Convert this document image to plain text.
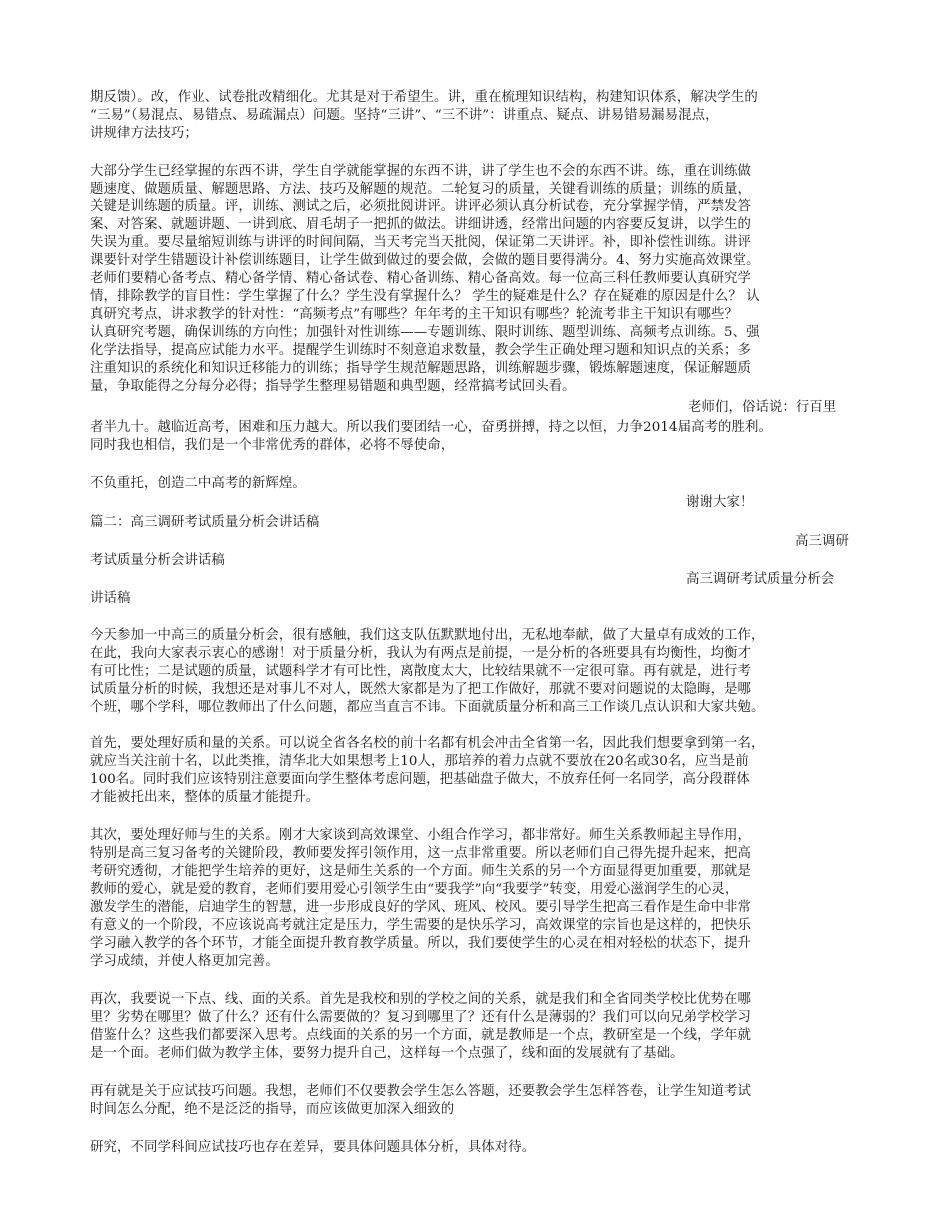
期反馈）。改，作业、试卷批改精细化。尤其是对于希望生。讲，重在梳理知识结构，构建知识体系，解决学生的
“三易”（易混点、易错点、易疏漏点）问题。坚持“三讲”、“三不讲”：讲重点、疑点、讲易错易漏易混点，
讲规律方法技巧；
大部分学生已经掌握的东西不讲，学生自学就能掌握的东西不讲，讲了学生也不会的东西不讲。练，重在训练做
题速度、做题质量、解题思路、方法、技巧及解题的规范。二轮复习的质量，关键看训练的质量；训练的质量，
关键是训练题的质量。评，训练、测试之后，必须批阅讲评。讲评必须认真分析试卷，充分掌握学情，严禁发答
案、对答案、就题讲题、一讲到底、眉毛胡子一把抓的做法。讲细讲透，经常出问题的内容要反复讲，以学生的
失误为重。要尽量缩短训练与讲评的时间间隔，当天考完当天批阅，保证第二天讲评。补，即补偿性训练。讲评
课要针对学生错题设计补偿训练题目，让学生做到做过的要会做，会做的题目要得满分。4、努力实施高效课堂。
老师们要精心备考点、精心备学情、精心备试卷、精心备训练、精心备高效。每一位高三科任教师要认真研究学
情，排除教学的盲目性：学生掌握了什么？学生没有掌握什么？ 学生的疑难是什么？存在疑难的原因是什么？ 认
真研究考点，讲求教学的针对性：“高频考点”有哪些？年年考的主干知识有哪些？轮流考非主干知识有哪些？
认真研究考题，确保训练的方向性；加强针对性训练——专题训练、限时训练、题型训练、高频考点训练。5、强
化学法指导，提高应试能力水平。提醒学生训练时不刻意追求数量，教会学生正确处理习题和知识点的关系；多
注重知识的系统化和知识迁移能力的训练；指导学生规范解题思路，训练解题步骤，锻炼解题速度，保证解题质
量，争取能得之分每分必得；指导学生整理易错题和典型题，经常搞考试回头看。
老师们，俗话说：行百里
者半九十。越临近高考，困难和压力越大。所以我们要团结一心，奋勇拼搏，持之以恒，力争2014届高考的胜利。
同时我也相信，我们是一个非常优秀的群体，必将不辱使命，
不负重托，创造二中高考的新辉煌。
谢谢大家！
篇二：高三调研考试质量分析会讲话稿
高三调研
考试质量分析会讲话稿
高三调研考试质量分析会
讲话稿
今天参加一中高三的质量分析会，很有感触，我们这支队伍默默地付出，无私地奉献，做了大量卓有成效的工作，
在此，我向大家表示衷心的感谢！对于质量分析，我认为有两点是前提，一是分析的各班要具有均衡性，均衡才
有可比性；二是试题的质量，试题科学才有可比性，离散度太大，比较结果就不一定很可靠。再有就是，进行考
试质量分析的时候，我想还是对事儿不对人，既然大家都是为了把工作做好，那就不要对问题说的太隐晦，是哪
个班，哪个学科，哪位教师出了什么问题，都应当直言不讳。下面就质量分析和高三工作谈几点认识和大家共勉。
首先，要处理好质和量的关系。可以说全省各名校的前十名都有机会冲击全省第一名，因此我们想要拿到第一名，
就应当关注前十名，以此类推，清华北大如果想考上10人，那培养的着力点就不要放在20名或30名，应当是前
100名。同时我们应该特别注意要面向学生整体考虑问题，把基础盘子做大，不放弃任何一名同学，高分段群体
才能被托出来，整体的质量才能提升。
其次，要处理好师与生的关系。刚才大家谈到高效课堂、小组合作学习，都非常好。师生关系教师起主导作用，
特别是高三复习备考的关键阶段，教师要发挥引领作用，这一点非常重要。所以老师们自己得先提升起来，把高
考研究透彻，才能把学生培养的更好，这是师生关系的一个方面。师生关系的另一个方面显得更加重要，那就是
教师的爱心，就是爱的教育，老师们要用爱心引领学生由“要我学”向“我要学”转变，用爱心滋润学生的心灵，
激发学生的潜能，启迪学生的智慧，进一步形成良好的学风、班风、校风。要引导学生把高三看作是生命中非常
有意义的一个阶段，不应该说高考就注定是压力，学生需要的是快乐学习，高效课堂的宗旨也是这样的，把快乐
学习融入教学的各个环节，才能全面提升教育教学质量。所以，我们要使学生的心灵在相对轻松的状态下，提升
学习成绩，并使人格更加完善。
再次，我要说一下点、线、面的关系。首先是我校和别的学校之间的关系，就是我们和全省同类学校比优势在哪
里？劣势在哪里？做了什么？还有什么需要做的？复习到哪里了？还有什么是薄弱的？我们可以向兄弟学校学习
借鉴什么？这些我们都要深入思考。点线面的关系的另一个方面，就是教师是一个点，教研室是一个线，学年就
是一个面。老师们做为教学主体，要努力提升自己，这样每一个点强了，线和面的发展就有了基础。
再有就是关于应试技巧问题。我想，老师们不仅要教会学生怎么答题，还要教会学生怎样答卷，让学生知道考试
时间怎么分配，绝不是泛泛的指导，而应该做更加深入细致的
研究，不同学科间应试技巧也存在差异，要具体问题具体分析，具体对待。
